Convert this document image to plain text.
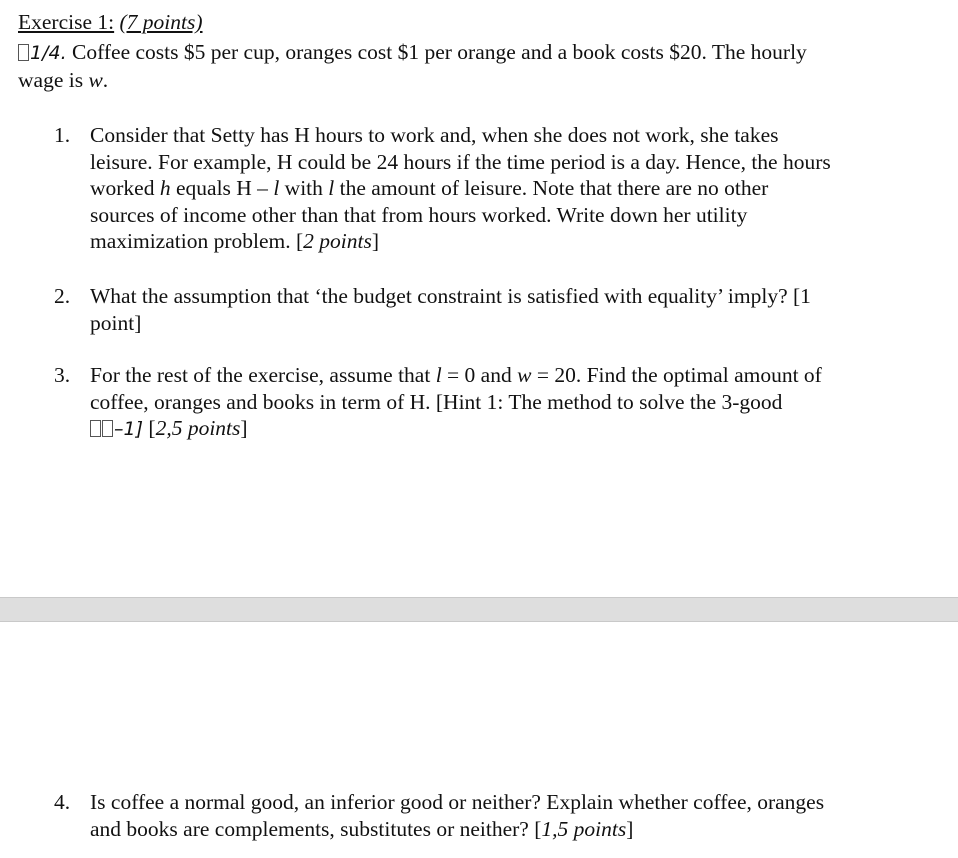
Exercise 1: (7 points)
1/4. Coffee costs $5 per cup, oranges cost $1 per orange and a book costs $20. The hourly
wage is w.
1. Consider that Setty has H hours to work and, when she does not work, she takes
leisure. For example, H could be 24 hours if the time period is a day. Hence, the hours
worked h equals H – l with l the amount of leisure. Note that there are no other
sources of income other than that from hours worked. Write down her utility
maximization problem. [2 points]
2. What the assumption that ‘the budget constraint is satisfied with equality’ imply? [1
point]
3. For the rest of the exercise, assume that l = 0 and w = 20. Find the optimal amount of
coffee, oranges and books in term of H. [Hint 1: The method to solve the 3-good
–1] [2,5 points]
4. Is coffee a normal good, an inferior good or neither? Explain whether coffee, oranges
and books are complements, substitutes or neither? [1,5 points]
